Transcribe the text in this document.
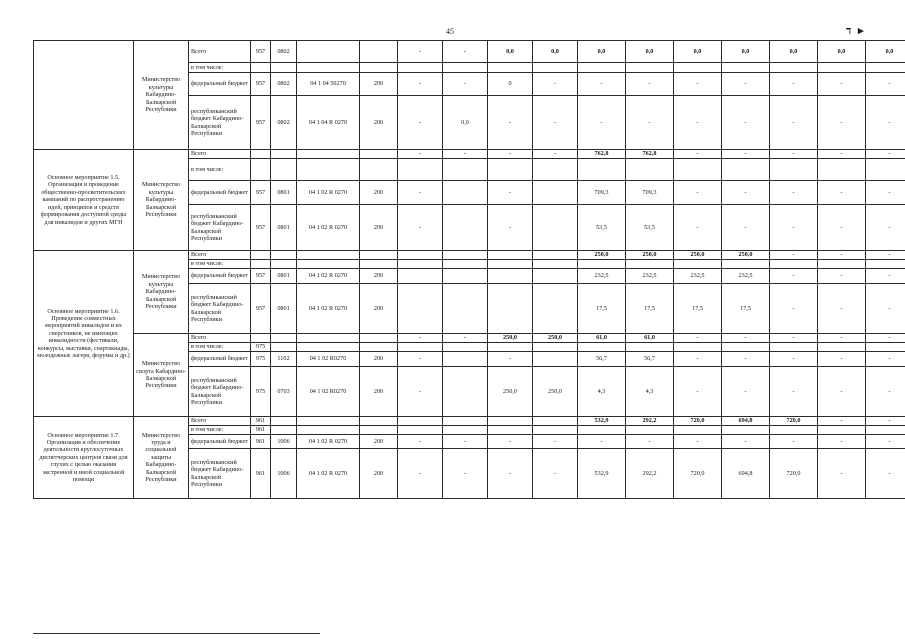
45	ד ▸
	Министерство культуры Кабардино-Балкарской Республики	Всего	957	0802			-	-	0,0	0,0	0,0	0,0	0,0	0,0	0,0	0,0	0,0
		в том числе:															
		федеральный бюджет	957	0802	04 1 04 50270	200	-	-	0	-	-	-	-	-	-	-	-
		республиканский бюджет Кабардино-Балкарской Республики	957	0802	04 1 04 R 0270	200	-	0,0	-	-	-	-	-	-	-	-	-
Основное мероприятие 1.5. Организация и проведение общественно-просветительских кампаний по распространению идей, принципов и средств формирования доступной среды для инвалидов и других МГН	Министерство культуры Кабардино-Балкарской Республики	Всего					-	-	-	-	762,8	762,8	-	-	-	-	-
		в том числе:															
		федеральный бюджет	957	0801	04 1 02 R 0270	200	-		-		709,3	709,3	-	-	-	-	-
		республиканский бюджет Кабардино-Балкарской Республики	957	0801	04 1 02 R 0270	200	-		-		53,5	53,5	-	-	-	-	-
Основное мероприятие 1.6. Проведение совместных мероприятий инвалидов и их сверстников, не имеющих инвалидности (фестивали, конкурсы, выставки, спартакиады, молодежные лагеря, форумы и др.)	Министерство культуры Кабардино-Балкарской Республики	Всего									250,0	250,0	250,0	250,0	-	-	-
		в том числе:															
		федеральный бюджет	957	0801	04 1 02 R 0270	200					232,5	232,5	232,5	232,5	-	-	-
		республиканский бюджет Кабардино-Балкарской Республики	957	0801	04 1 02 R 0270	200					17,5	17,5	17,5	17,5	-	-	-
	Министерство спорта Кабардино-Балкарской Республики	Всего					-	-	250,0	250,0	61,0	61,0	-	-	-	-	-
		в том числе:	975														
		федеральный бюджет	975	1102	04 1 02 R0270	200	-		-		56,7	56,7	-	-	-	-	-
		республиканский бюджет Кабардино-Балкарской Республики	975	0703	04 1 02 R0270	200	-		250,0	250,0	4,3	4,3	-	-	-	-	-
Основное мероприятие 1.7. Организация и обеспечение деятельности круглосуточных диспетчерских центров связи для глухих с целью оказания экстренной и иной социальной помощи	Министерство труда и социальной защиты Кабардино-Балкарской Республики	Всего	961								532,9	292,2	720,0	694,8	720,0	-	-
		в том числе:	961														
		федеральный бюджет	961	1006	04 1 02 R 0270	200	-	-	-	-	-	-	-	-	-	-	-
		республиканский бюджет Кабардино-Балкарской Республики	961	1006	04 1 02 R 0270	200	-	-	-	-	532,9	292,2	720,0	694,8	720,0	-	-
